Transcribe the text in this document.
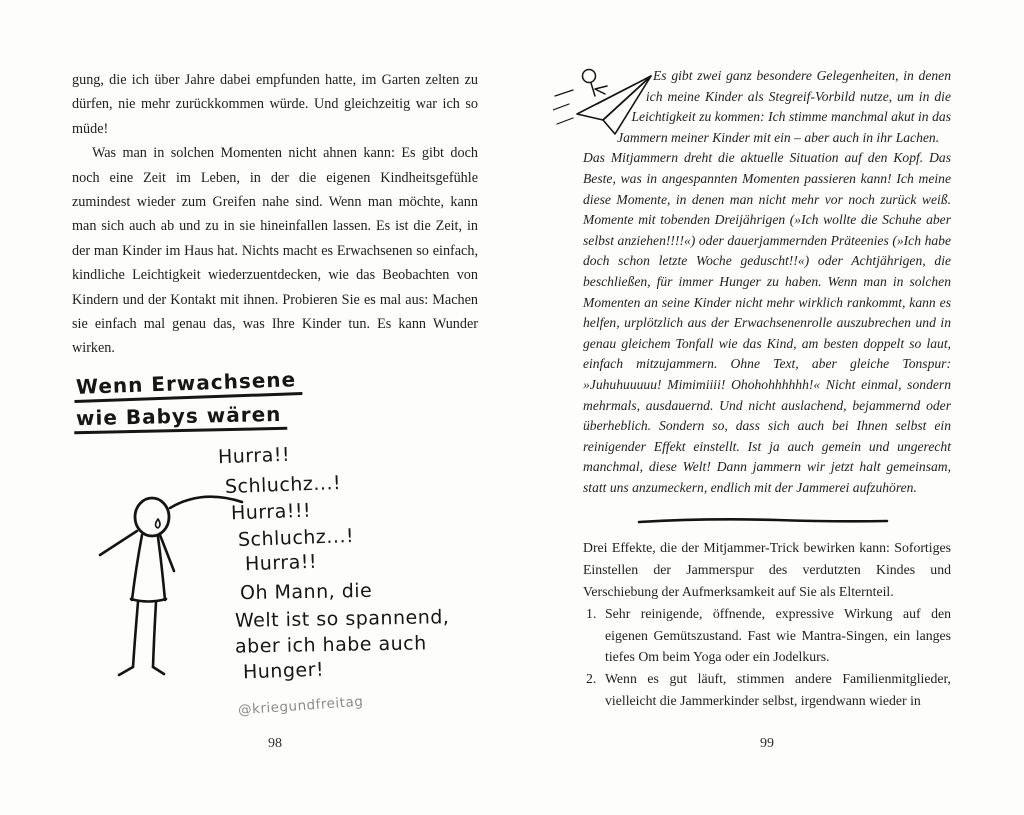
gung, die ich über Jahre dabei empfunden hatte, im Garten zelten zu dürfen, nie mehr zurückkommen würde. Und gleichzeitig war ich so müde!

Was man in solchen Momenten nicht ahnen kann: Es gibt doch noch eine Zeit im Leben, in der die eigenen Kindheitsgefühle zumindest wieder zum Greifen nahe sind. Wenn man möchte, kann man sich auch ab und zu in sie hineinfallen lassen. Es ist die Zeit, in der man Kinder im Haus hat. Nichts macht es Erwachsenen so einfach, kindliche Leichtigkeit wiederzuentdecken, wie das Beobachten von Kindern und der Kontakt mit ihnen. Probieren Sie es mal aus: Machen sie einfach mal genau das, was Ihre Kinder tun. Es kann Wunder wirken.

Wenn Erwachsene
wie Babys wären
Hurra!!
Schluchz...!
Hurra!!!
Schluchz...!
Hurra!!
Oh Mann, die
Welt ist so spannend,
aber ich habe auch
Hunger!
@kriegundfreitag
98

Es gibt zwei ganz besondere Gelegenheiten, in denen ich meine Kinder als Stegreif-Vorbild nutze, um in die Leichtigkeit zu kommen: Ich stimme manchmal akut in das Jammern meiner Kinder mit ein – aber auch in ihr Lachen.

Das Mitjammern dreht die aktuelle Situation auf den Kopf. Das Beste, was in angespannten Momenten passieren kann! Ich meine diese Momente, in denen man nicht mehr vor noch zurück weiß. Momente mit tobenden Dreijährigen (»Ich wollte die Schuhe aber selbst anziehen!!!!«) oder dauerjammernden Präteenies (»Ich habe doch schon letzte Woche geduscht!!«) oder Achtjährigen, die beschließen, für immer Hunger zu haben. Wenn man in solchen Momenten an seine Kinder nicht mehr wirklich rankommt, kann es helfen, urplötzlich aus der Erwachsenenrolle auszubrechen und in genau gleichem Tonfall wie das Kind, am besten doppelt so laut, einfach mitzujammern. Ohne Text, aber gleiche Tonspur: »Juhuhuuuuu! Mimimiiii! Ohohohhhhhh!« Nicht einmal, sondern mehrmals, ausdauernd. Und nicht auslachend, bejammernd oder überheblich. Sondern so, dass sich auch bei Ihnen selbst ein reinigender Effekt einstellt. Ist ja auch gemein und ungerecht manchmal, diese Welt! Dann jammern wir jetzt halt gemeinsam, statt uns anzumeckern, endlich mit der Jammerei aufzuhören.

Drei Effekte, die der Mitjammer-Trick bewirken kann: Sofortiges Einstellen der Jammerspur des verdutzten Kindes und Verschiebung der Aufmerksamkeit auf Sie als Elternteil.

1. Sehr reinigende, öffnende, expressive Wirkung auf den eigenen Gemütszustand. Fast wie Mantra-Singen, ein langes tiefes Om beim Yoga oder ein Jodelkurs.
2. Wenn es gut läuft, stimmen andere Familienmitglieder, vielleicht die Jammerkinder selbst, irgendwann wieder in
99
